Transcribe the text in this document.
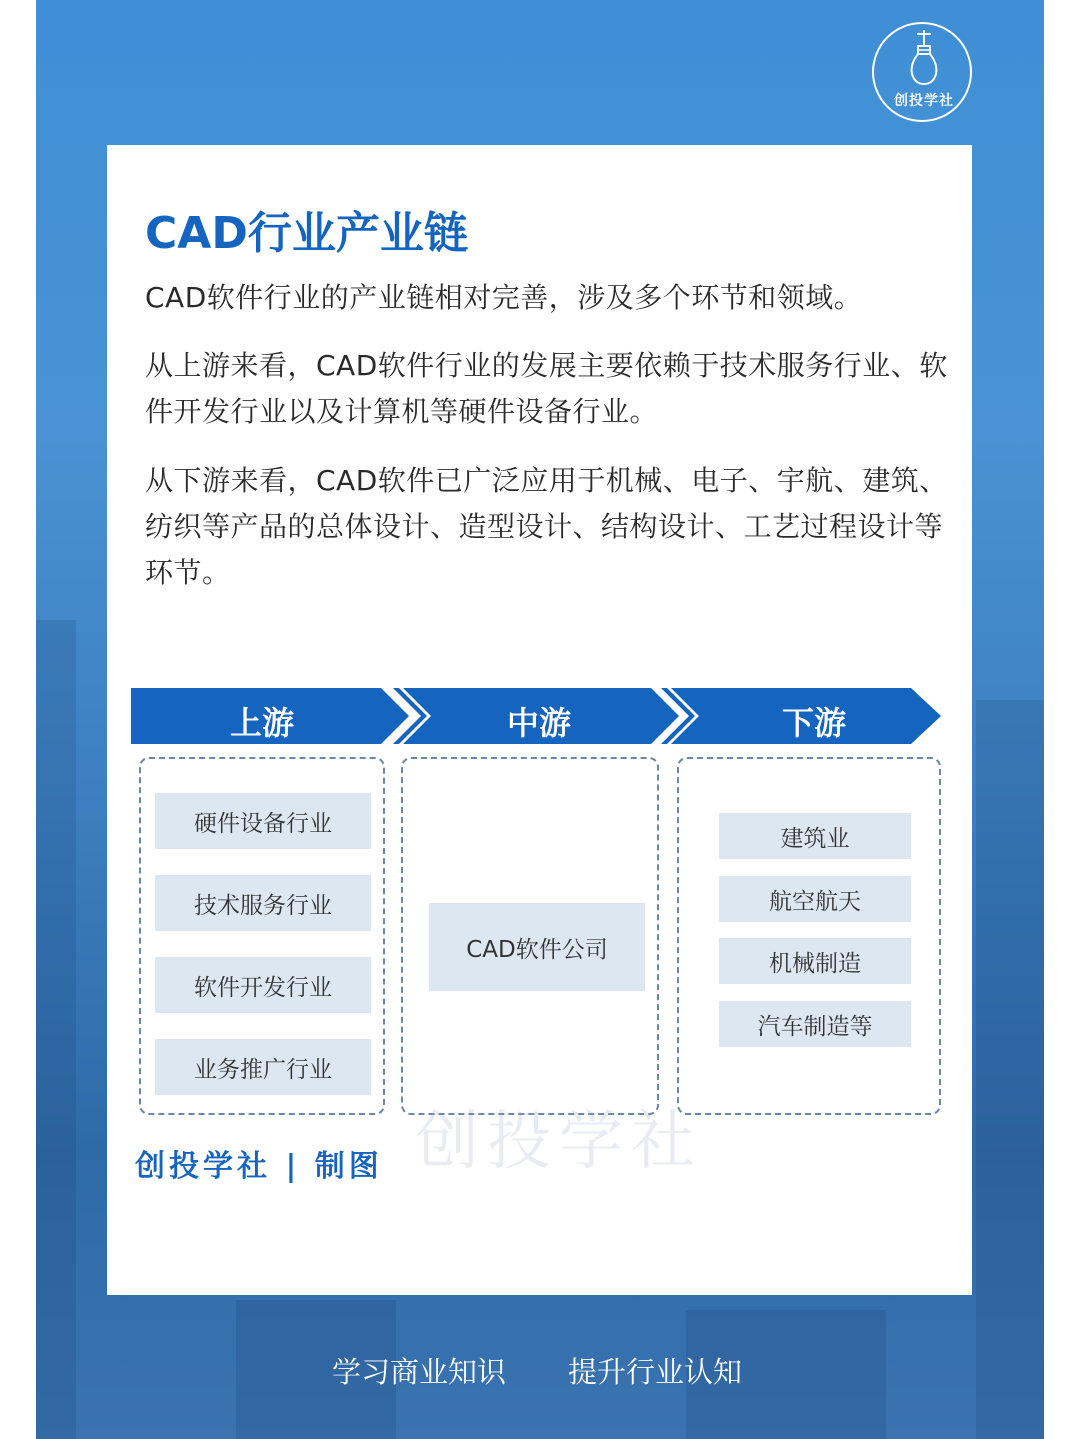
创投学社
CAD行业产业链
CAD软件行业的产业链相对完善，涉及多个环节和领域。
从上游来看，CAD软件行业的发展主要依赖于技术服务行业、软件开发行业以及计算机等硬件设备行业。
从下游来看，CAD软件已广泛应用于机械、电子、宇航、建筑、纺织等产品的总体设计、造型设计、结构设计、工艺过程设计等环节。
上游	中游	下游
硬件设备行业
技术服务行业
软件开发行业
业务推广行业
CAD软件公司
建筑业
航空航天
机械制造
汽车制造等
创投学社
创投学社 | 制图
学习商业知识 提升行业认知
